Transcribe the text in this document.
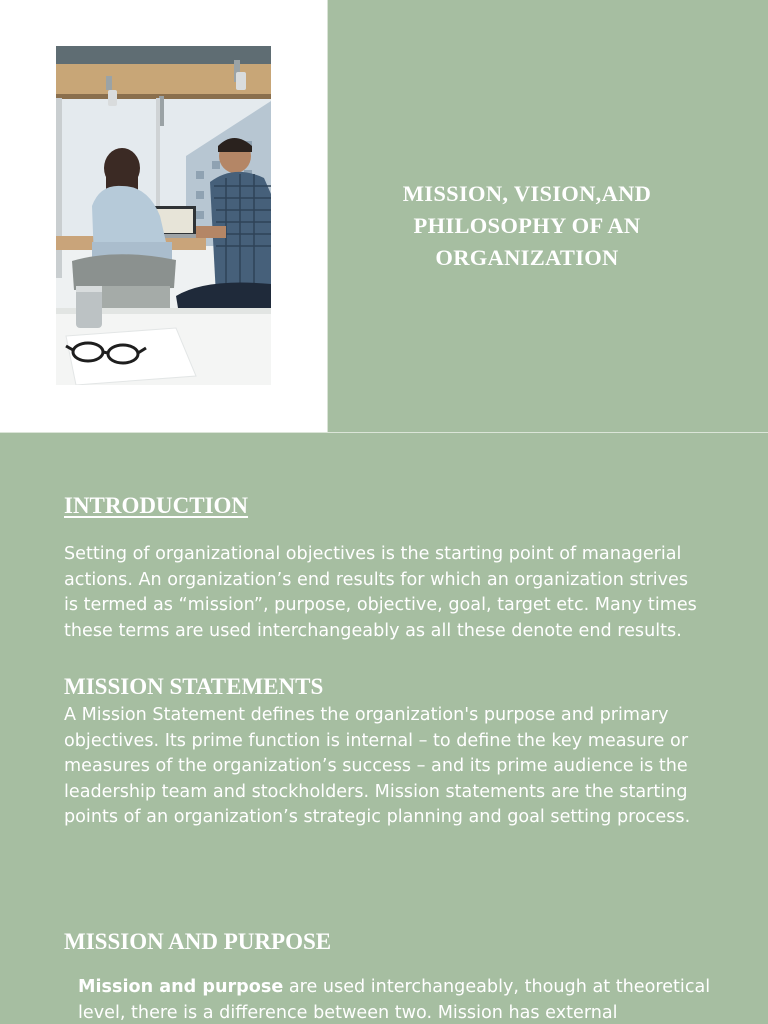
MISSION, VISION,AND
PHILOSOPHY OF AN
ORGANIZATION
INTRODUCTION
Setting of organizational objectives is the starting point of managerial
actions. An organization’s end results for which an organization strives
is termed as “mission”, purpose, objective, goal, target etc. Many times
these terms are used interchangeably as all these denote end results.
MISSION STATEMENTS
A Mission Statement defines the organization's purpose and primary
objectives. Its prime function is internal – to define the key measure or
measures of the organization’s success – and its prime audience is the
leadership team and stockholders. Mission statements are the starting
points of an organization’s strategic planning and goal setting process.
MISSION AND PURPOSE
Mission and purpose are used interchangeably, though at theoretical
level, there is a difference between two. Mission has external
